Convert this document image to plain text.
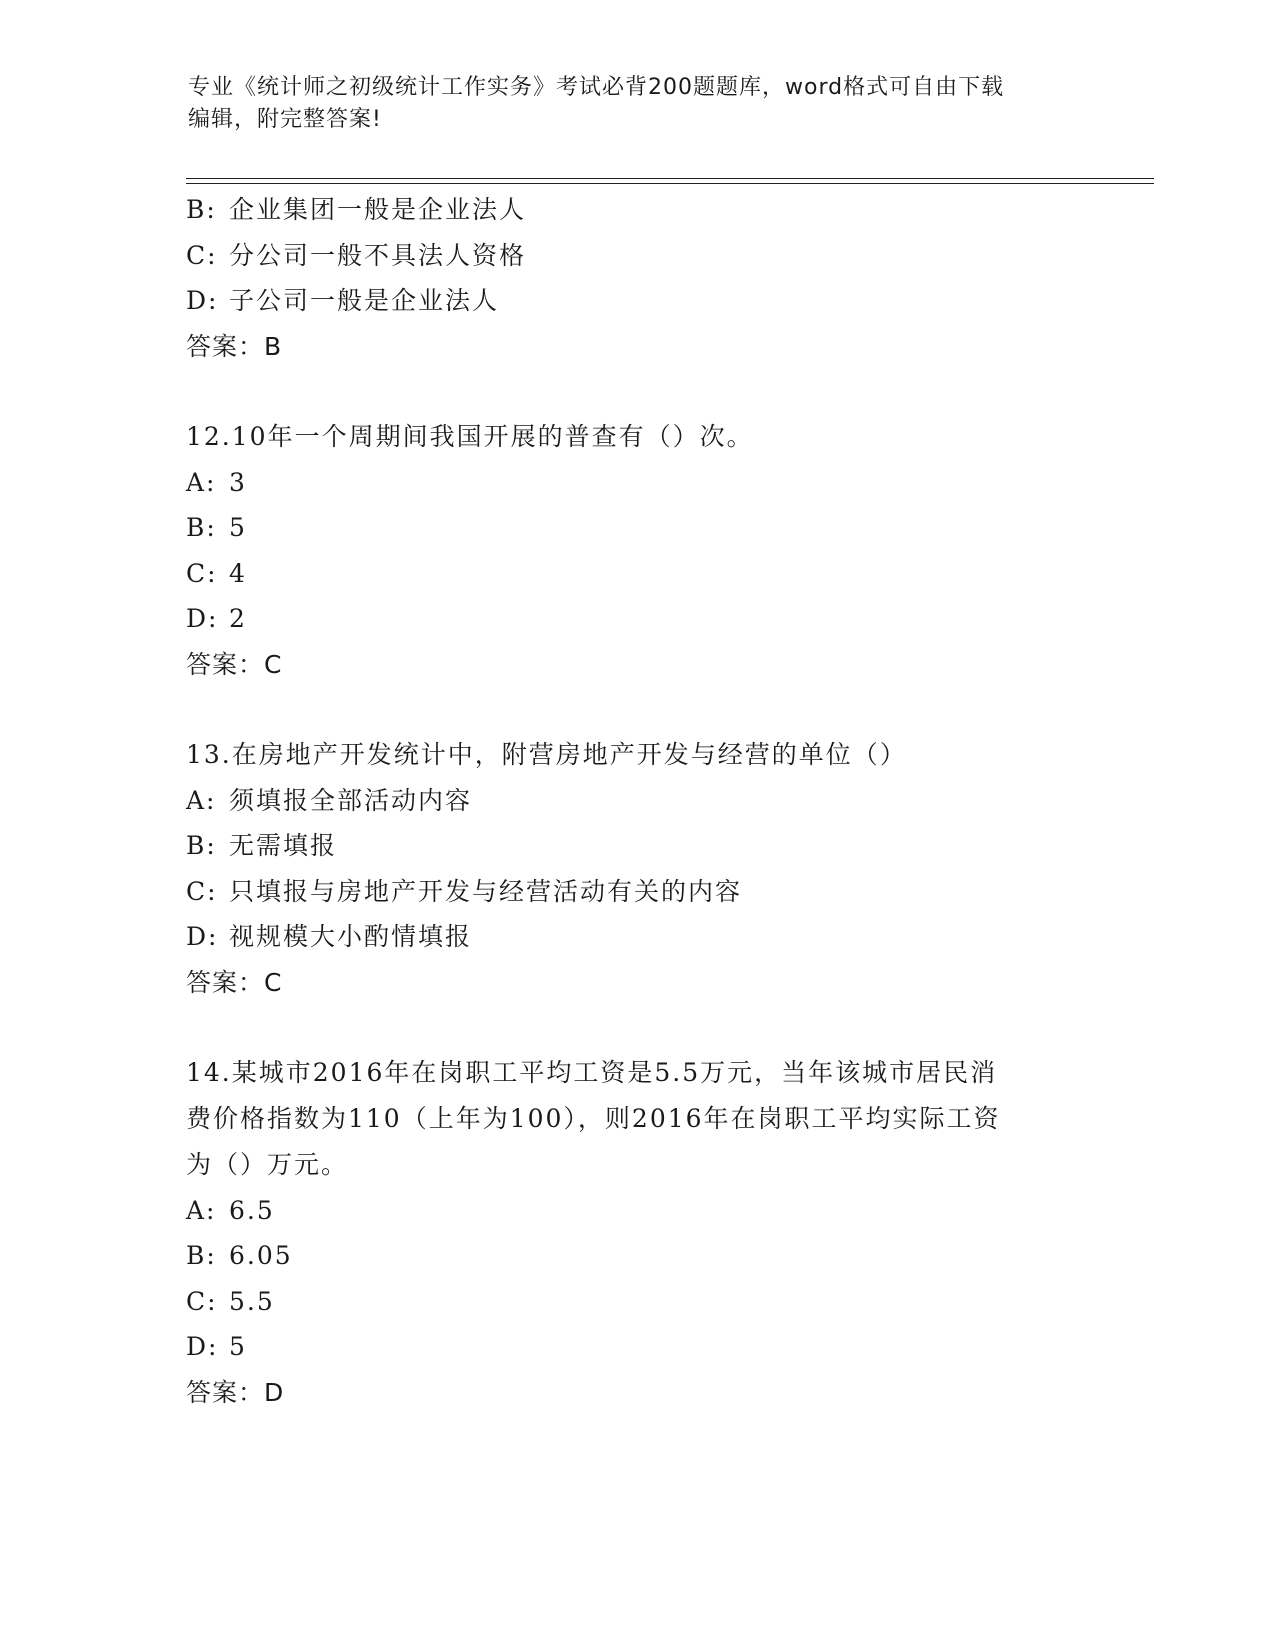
专业《统计师之初级统计工作实务》考试必背200题题库，word格式可自由下载
编辑，附完整答案!
B: 企业集团一般是企业法人
C: 分公司一般不具法人资格
D: 子公司一般是企业法人
答案：B
12.10年一个周期间我国开展的普查有（）次。
A: 3
B: 5
C: 4
D: 2
答案：C
13.在房地产开发统计中，附营房地产开发与经营的单位（）
A: 须填报全部活动内容
B: 无需填报
C: 只填报与房地产开发与经营活动有关的内容
D: 视规模大小酌情填报
答案：C
14.某城市2016年在岗职工平均工资是5.5万元，当年该城市居民消
费价格指数为110（上年为100），则2016年在岗职工平均实际工资
为（）万元。
A: 6.5
B: 6.05
C: 5.5
D: 5
答案：D
